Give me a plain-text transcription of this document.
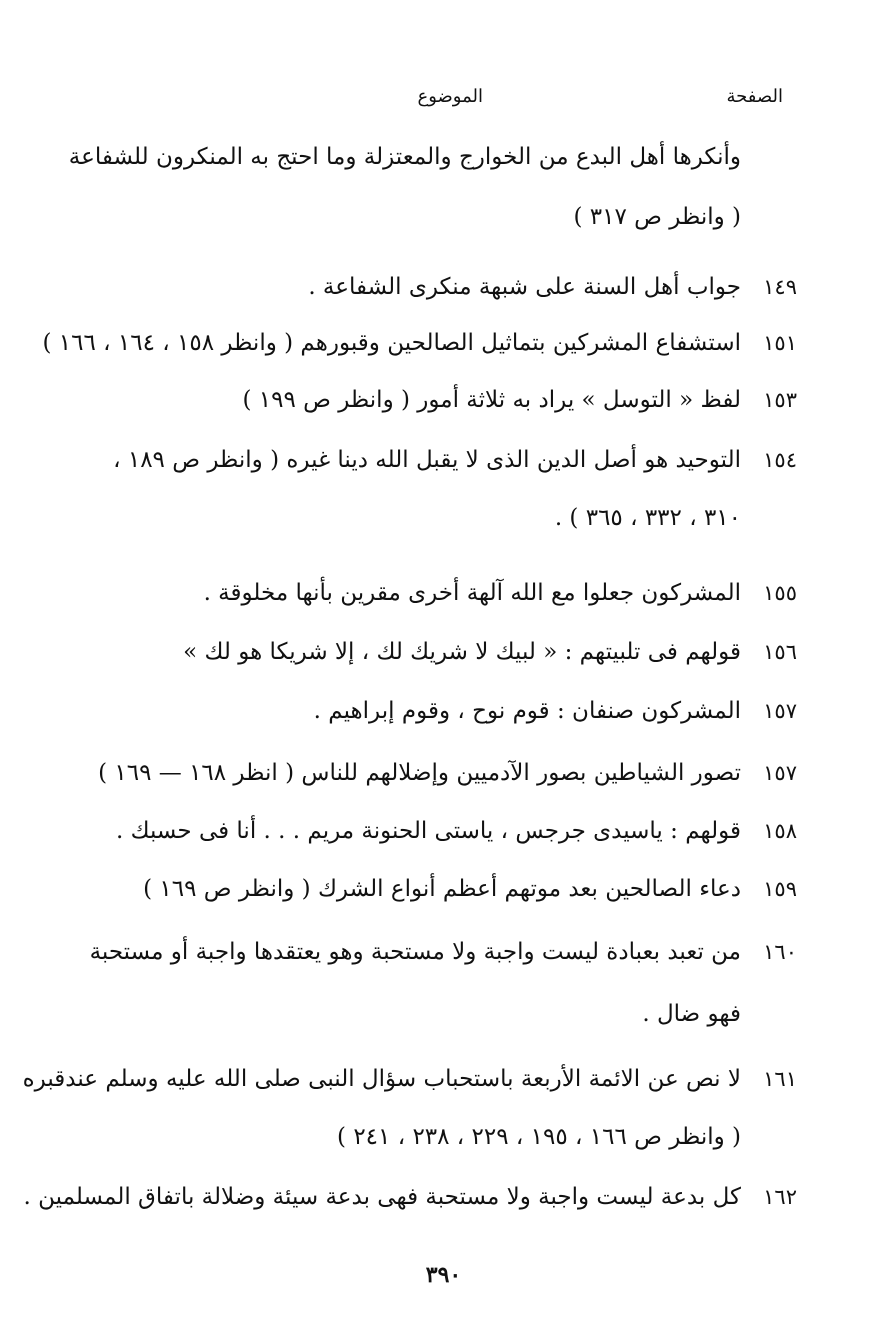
الصفحة
الموضوع
وأنكرها أهل البدع من الخوارج والمعتزلة وما احتج به المنكرون للشفاعة
( وانظر ص ٣١٧ )
١٤٩
جواب أهل السنة على شبهة منكرى الشفاعة .
١٥١
استشفاع المشركين بتماثيل الصالحين وقبورهم ( وانظر ١٥٨ ، ١٦٤ ، ١٦٦ )
١٥٣
لفظ « التوسل » يراد به ثلاثة أمور ( وانظر ص ١٩٩ )
١٥٤
التوحيد هو أصل الدين الذى لا يقبل الله دينا غيره ( وانظر ص ١٨٩ ،
٣١٠ ، ٣٣٢ ، ٣٦٥ ) .
١٥٥
المشركون جعلوا مع الله آلهة أخرى مقرين بأنها مخلوقة .
١٥٦
قولهم فى تلبيتهم : « لبيك لا شريك لك ، إلا شريكا هو لك »
١٥٧
المشركون صنفان : قوم نوح ، وقوم إبراهيم .
١٥٧
تصور الشياطين بصور الآدميين وإضلالهم للناس ( انظر ١٦٨ — ١٦٩ )
١٥٨
قولهم : ياسيدى جرجس ، ياستى الحنونة مريم . . . أنا فى حسبك .
١٥٩
دعاء الصالحين بعد موتهم أعظم أنواع الشرك ( وانظر ص ١٦٩ )
١٦٠
من تعبد بعبادة ليست واجبة ولا مستحبة وهو يعتقدها واجبة أو مستحبة
فهو ضال .
١٦١
لا نص عن الائمة الأربعة باستحباب سؤال النبى صلى الله عليه وسلم عندقبره
( وانظر ص ١٦٦ ، ١٩٥ ، ٢٢٩ ، ٢٣٨ ، ٢٤١ )
١٦٢
كل بدعة ليست واجبة ولا مستحبة فهى بدعة سيئة وضلالة باتفاق المسلمين .
٣٩٠
